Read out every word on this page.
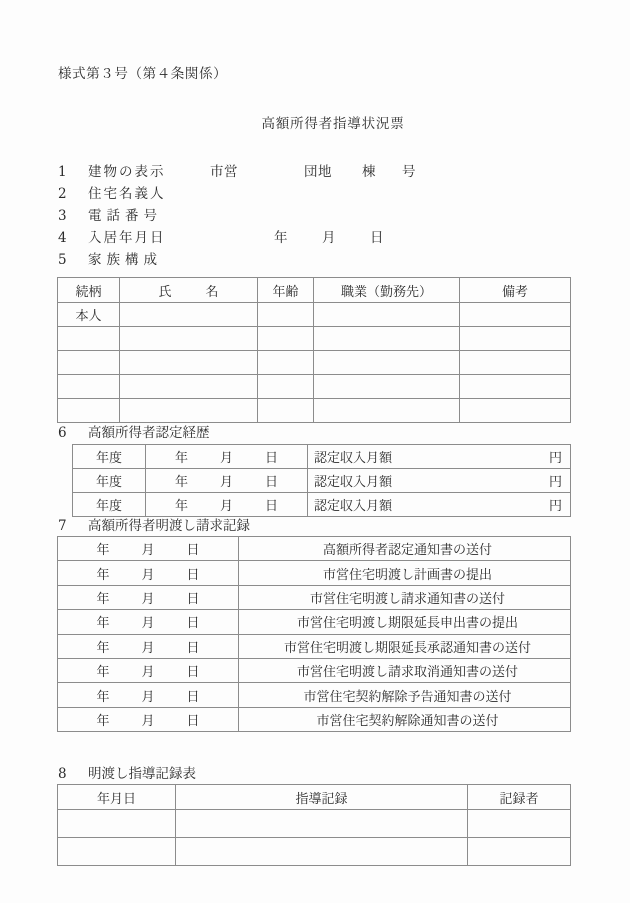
様式第３号（第４条関係）
高額所得者指導状況票
1	建物の表示	市営	団地 棟 号
2	住宅名義人
3	電話番号
4	入居年月日	年	月	日
5	家族構成
続柄	氏 名	年齢	職業（勤務先）	備考
本人				

6 高額所得者認定経歴
年度	年 月 日	認定収入月額 円

年度	年 月 日	認定収入月額 円

年度	年 月 日	認定収入月額 円
7 高額所得者明渡し請求記録
年 月 日	高額所得者認定通知書の送付
年 月 日	市営住宅明渡し計画書の提出
年 月 日	市営住宅明渡し請求通知書の送付
年 月 日	市営住宅明渡し期限延長申出書の提出
年 月 日	市営住宅明渡し期限延長承認通知書の送付
年 月 日	市営住宅明渡し請求取消通知書の送付
年 月 日	市営住宅契約解除予告通知書の送付
年 月 日	市営住宅契約解除通知書の送付
8 明渡し指導記録表
年月日	指導記録	記録者
